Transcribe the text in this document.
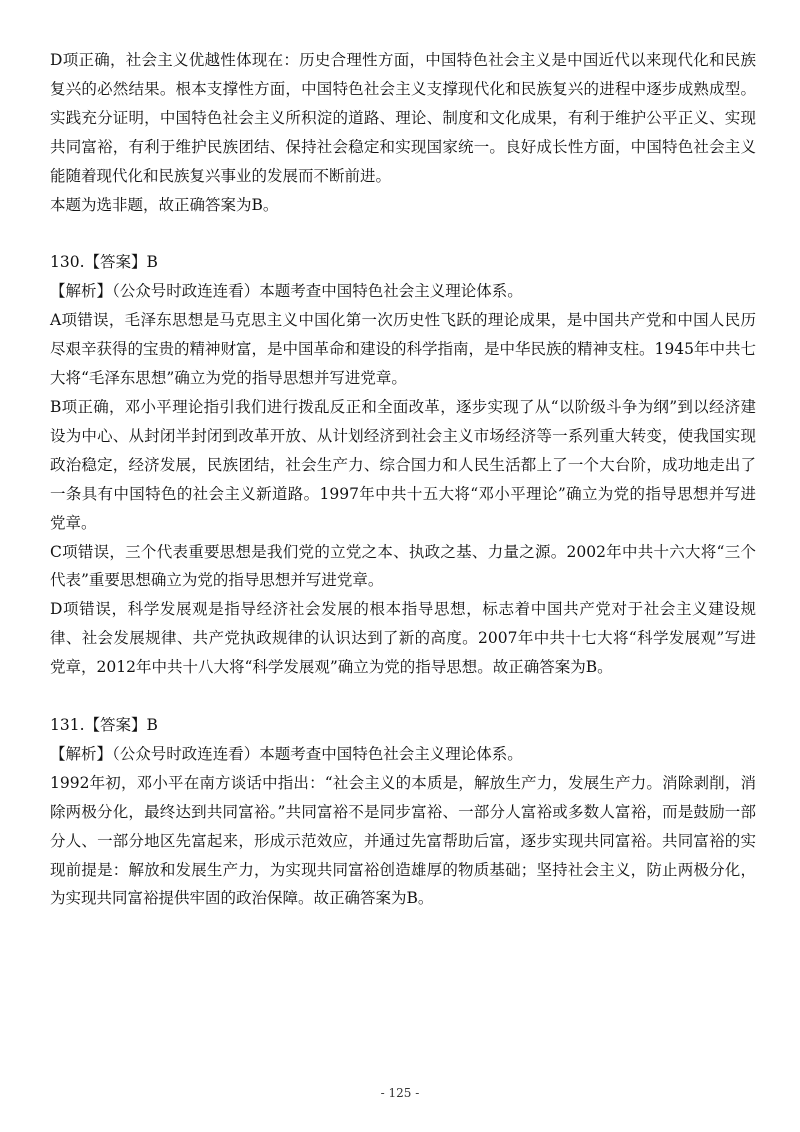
D项正确，社会主义优越性体现在：历史合理性方面，中国特色社会主义是中国近代以来现代化和民族复兴的必然结果。根本支撑性方面，中国特色社会主义支撑现代化和民族复兴的进程中逐步成熟成型。实践充分证明，中国特色社会主义所积淀的道路、理论、制度和文化成果，有利于维护公平正义、实现共同富裕，有利于维护民族团结、保持社会稳定和实现国家统一。良好成长性方面，中国特色社会主义能随着现代化和民族复兴事业的发展而不断前进。

本题为选非题，故正确答案为B。

130.【答案】B

【解析】（公众号时政连连看）本题考查中国特色社会主义理论体系。

A项错误，毛泽东思想是马克思主义中国化第一次历史性飞跃的理论成果，是中国共产党和中国人民历尽艰辛获得的宝贵的精神财富，是中国革命和建设的科学指南，是中华民族的精神支柱。1945年中共七大将“毛泽东思想”确立为党的指导思想并写进党章。

B项正确，邓小平理论指引我们进行拨乱反正和全面改革，逐步实现了从“以阶级斗争为纲”到以经济建设为中心、从封闭半封闭到改革开放、从计划经济到社会主义市场经济等一系列重大转变，使我国实现政治稳定，经济发展，民族团结，社会生产力、综合国力和人民生活都上了一个大台阶，成功地走出了一条具有中国特色的社会主义新道路。1997年中共十五大将“邓小平理论”确立为党的指导思想并写进党章。

C项错误，三个代表重要思想是我们党的立党之本、执政之基、力量之源。2002年中共十六大将“三个代表”重要思想确立为党的指导思想并写进党章。

D项错误，科学发展观是指导经济社会发展的根本指导思想，标志着中国共产党对于社会主义建设规律、社会发展规律、共产党执政规律的认识达到了新的高度。2007年中共十七大将“科学发展观”写进党章，2012年中共十八大将“科学发展观”确立为党的指导思想。故正确答案为B。

131.【答案】B

【解析】（公众号时政连连看）本题考查中国特色社会主义理论体系。

1992年初，邓小平在南方谈话中指出：“社会主义的本质是，解放生产力，发展生产力。消除剥削，消除两极分化，最终达到共同富裕。”共同富裕不是同步富裕、一部分人富裕或多数人富裕，而是鼓励一部分人、一部分地区先富起来，形成示范效应，并通过先富帮助后富，逐步实现共同富裕。共同富裕的实现前提是：解放和发展生产力，为实现共同富裕创造雄厚的物质基础；坚持社会主义，防止两极分化，为实现共同富裕提供牢固的政治保障。故正确答案为B。

- 125 -
